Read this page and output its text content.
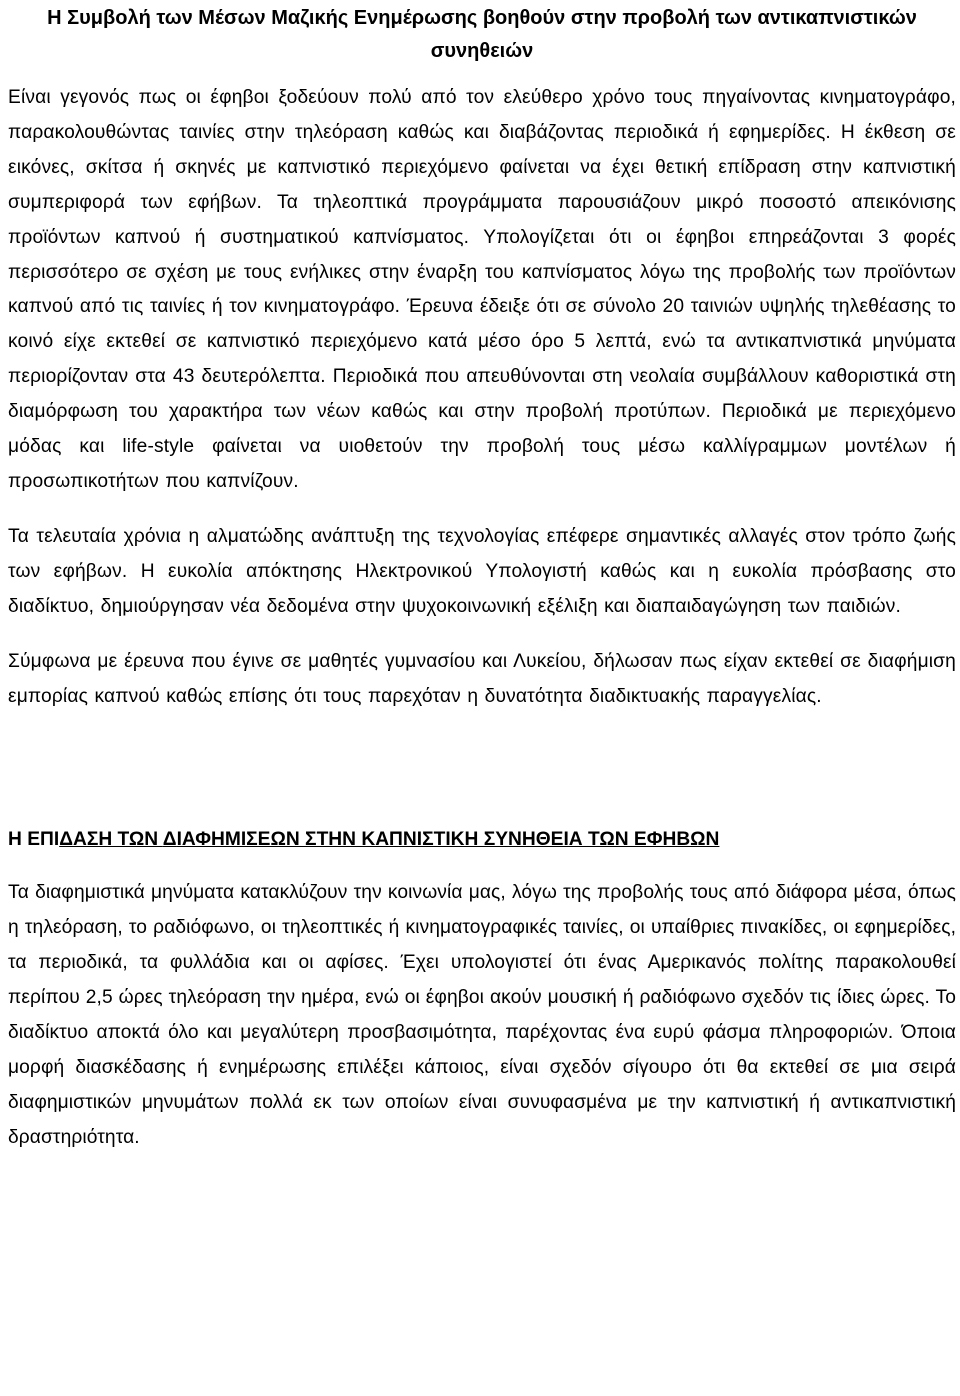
Η Συμβολή των Μέσων Μαζικής Ενημέρωσης βοηθούν στην προβολή των αντικαπνιστικών συνηθειών

Είναι γεγονός πως οι έφηβοι ξοδεύουν πολύ από τον ελεύθερο χρόνο τους πηγαίνοντας κινηματογράφο, παρακολουθώντας ταινίες στην τηλεόραση καθώς και διαβάζοντας περιοδικά ή εφημερίδες. Η έκθεση σε εικόνες, σκίτσα ή σκηνές με καπνιστικό περιεχόμενο φαίνεται να έχει θετική επίδραση στην καπνιστική συμπεριφορά των εφήβων. Τα τηλεοπτικά προγράμματα παρουσιάζουν μικρό ποσοστό απεικόνισης προϊόντων καπνού ή συστηματικού καπνίσματος. Υπολογίζεται ότι οι έφηβοι επηρεάζονται 3 φορές περισσότερο σε σχέση με τους ενήλικες στην έναρξη του καπνίσματος λόγω της προβολής των προϊόντων καπνού από τις ταινίες ή τον κινηματογράφο. Έρευνα έδειξε ότι σε σύνολο 20 ταινιών υψηλής τηλεθέασης το κοινό είχε εκτεθεί σε καπνιστικό περιεχόμενο κατά μέσο όρο 5 λεπτά, ενώ τα αντικαπνιστικά μηνύματα περιορίζονταν στα 43 δευτερόλεπτα. Περιοδικά που απευθύνονται στη νεολαία συμβάλλουν καθοριστικά στη διαμόρφωση του χαρακτήρα των νέων καθώς και στην προβολή προτύπων. Περιοδικά με περιεχόμενο μόδας και life-style φαίνεται να υιοθετούν την προβολή τους μέσω καλλίγραμμων μοντέλων ή προσωπικοτήτων που καπνίζουν.

Τα τελευταία χρόνια η αλματώδης ανάπτυξη της τεχνολογίας επέφερε σημαντικές αλλαγές στον τρόπο ζωής των εφήβων. Η ευκολία απόκτησης Ηλεκτρονικού Υπολογιστή καθώς και η ευκολία πρόσβασης στο διαδίκτυο, δημιούργησαν νέα δεδομένα στην ψυχοκοινωνική εξέλιξη και διαπαιδαγώγηση των παιδιών.

Σύμφωνα με έρευνα που έγινε σε μαθητές γυμνασίου και Λυκείου, δήλωσαν πως είχαν εκτεθεί σε διαφήμιση εμπορίας καπνού καθώς επίσης ότι τους παρεχόταν η δυνατότητα διαδικτυακής παραγγελίας.

Η ΕΠΙΔΑΣΗ ΤΩΝ ΔΙΑΦΗΜΙΣΕΩΝ ΣΤΗΝ ΚΑΠΝΙΣΤΙΚΗ ΣΥΝΗΘΕΙΑ ΤΩΝ ΕΦΗΒΩΝ

Τα διαφημιστικά μηνύματα κατακλύζουν την κοινωνία μας, λόγω της προβολής τους από διάφορα μέσα, όπως η τηλεόραση, το ραδιόφωνο, οι τηλεοπτικές ή κινηματογραφικές ταινίες, οι υπαίθριες πινακίδες, οι εφημερίδες, τα περιοδικά, τα φυλλάδια και οι αφίσες. Έχει υπολογιστεί ότι ένας Αμερικανός πολίτης παρακολουθεί περίπου 2,5 ώρες τηλεόραση την ημέρα, ενώ οι έφηβοι ακούν μουσική ή ραδιόφωνο σχεδόν τις ίδιες ώρες. Το διαδίκτυο αποκτά όλο και μεγαλύτερη προσβασιμότητα, παρέχοντας ένα ευρύ φάσμα πληροφοριών. Όποια μορφή διασκέδασης ή ενημέρωσης επιλέξει κάποιος, είναι σχεδόν σίγουρο ότι θα εκτεθεί σε μια σειρά διαφημιστικών μηνυμάτων πολλά εκ των οποίων είναι συνυφασμένα με την καπνιστική ή αντικαπνιστική δραστηριότητα.
